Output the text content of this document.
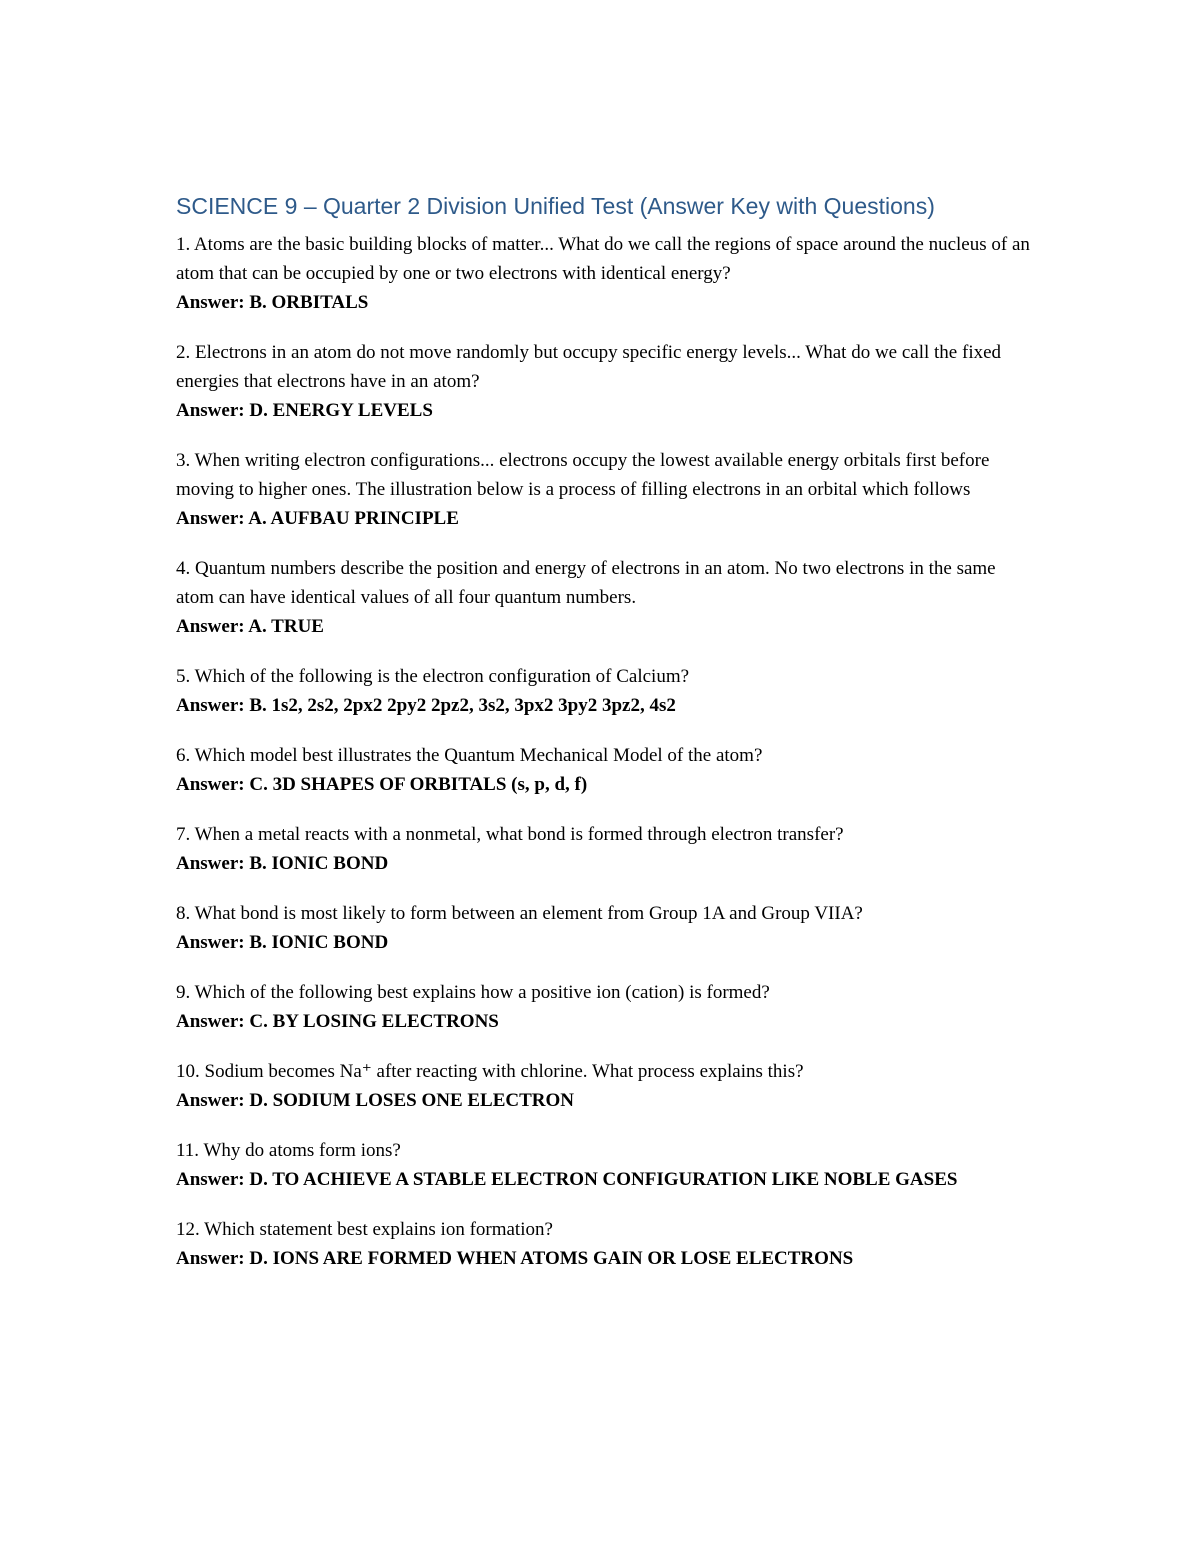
SCIENCE 9 – Quarter 2 Division Unified Test (Answer Key with Questions)

1. Atoms are the basic building blocks of matter... What do we call the regions of space around the nucleus of an atom that can be occupied by one or two electrons with identical energy?

Answer: B. ORBITALS

2. Electrons in an atom do not move randomly but occupy specific energy levels... What do we call the fixed energies that electrons have in an atom?

Answer: D. ENERGY LEVELS

3. When writing electron configurations... electrons occupy the lowest available energy orbitals first before moving to higher ones. The illustration below is a process of filling electrons in an orbital which follows

Answer: A. AUFBAU PRINCIPLE

4. Quantum numbers describe the position and energy of electrons in an atom. No two electrons in the same atom can have identical values of all four quantum numbers.

Answer: A. TRUE

5. Which of the following is the electron configuration of Calcium?

Answer: B. 1s2, 2s2, 2px2 2py2 2pz2, 3s2, 3px2 3py2 3pz2, 4s2

6. Which model best illustrates the Quantum Mechanical Model of the atom?

Answer: C. 3D SHAPES OF ORBITALS (s, p, d, f)

7. When a metal reacts with a nonmetal, what bond is formed through electron transfer?

Answer: B. IONIC BOND

8. What bond is most likely to form between an element from Group 1A and Group VIIA?

Answer: B. IONIC BOND

9. Which of the following best explains how a positive ion (cation) is formed?

Answer: C. BY LOSING ELECTRONS

10. Sodium becomes Na⁺ after reacting with chlorine. What process explains this?

Answer: D. SODIUM LOSES ONE ELECTRON

11. Why do atoms form ions?

Answer: D. TO ACHIEVE A STABLE ELECTRON CONFIGURATION LIKE NOBLE GASES

12. Which statement best explains ion formation?

Answer: D. IONS ARE FORMED WHEN ATOMS GAIN OR LOSE ELECTRONS
